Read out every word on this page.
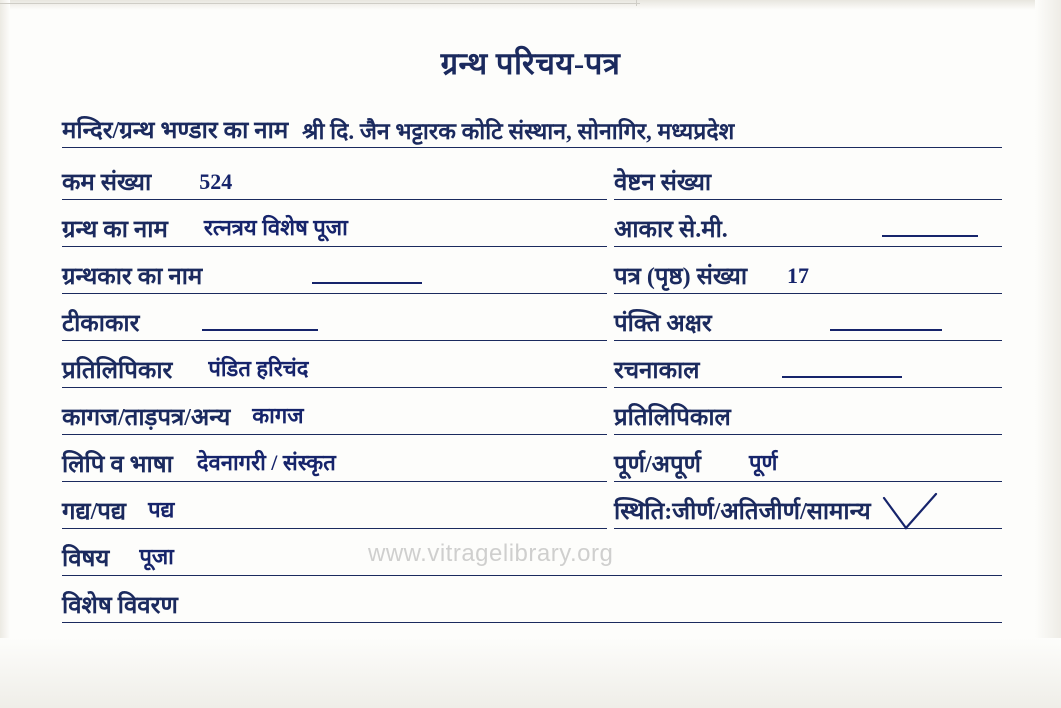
ग्रन्थ परिचय-पत्र
मन्दिर/ग्रन्थ भण्डार का नाम श्री दि. जैन भट्टारक कोटि संस्थान, सोनागिर, मध्यप्रदेश
कम संख्या 524	वेष्टन संख्या
ग्रन्थ का नाम रत्नत्रय विशेष पूजा	आकार से.मी.
ग्रन्थकार का नाम	पत्र (पृष्ठ) संख्या 17
टीकाकार	पंक्ति अक्षर
प्रतिलिपिकार पंडित हरिचंद	रचनाकाल
कागज/ताड़पत्र/अन्य कागज	प्रतिलिपिकाल
लिपि व भाषा देवनागरी / संस्कृत	पूर्ण/अपूर्ण पूर्ण
गद्य/पद्य पद्य	स्थिति:जीर्ण/अतिजीर्ण/सामान्य
विषय पूजा
विशेष विवरण
www.vitragelibrary.org
